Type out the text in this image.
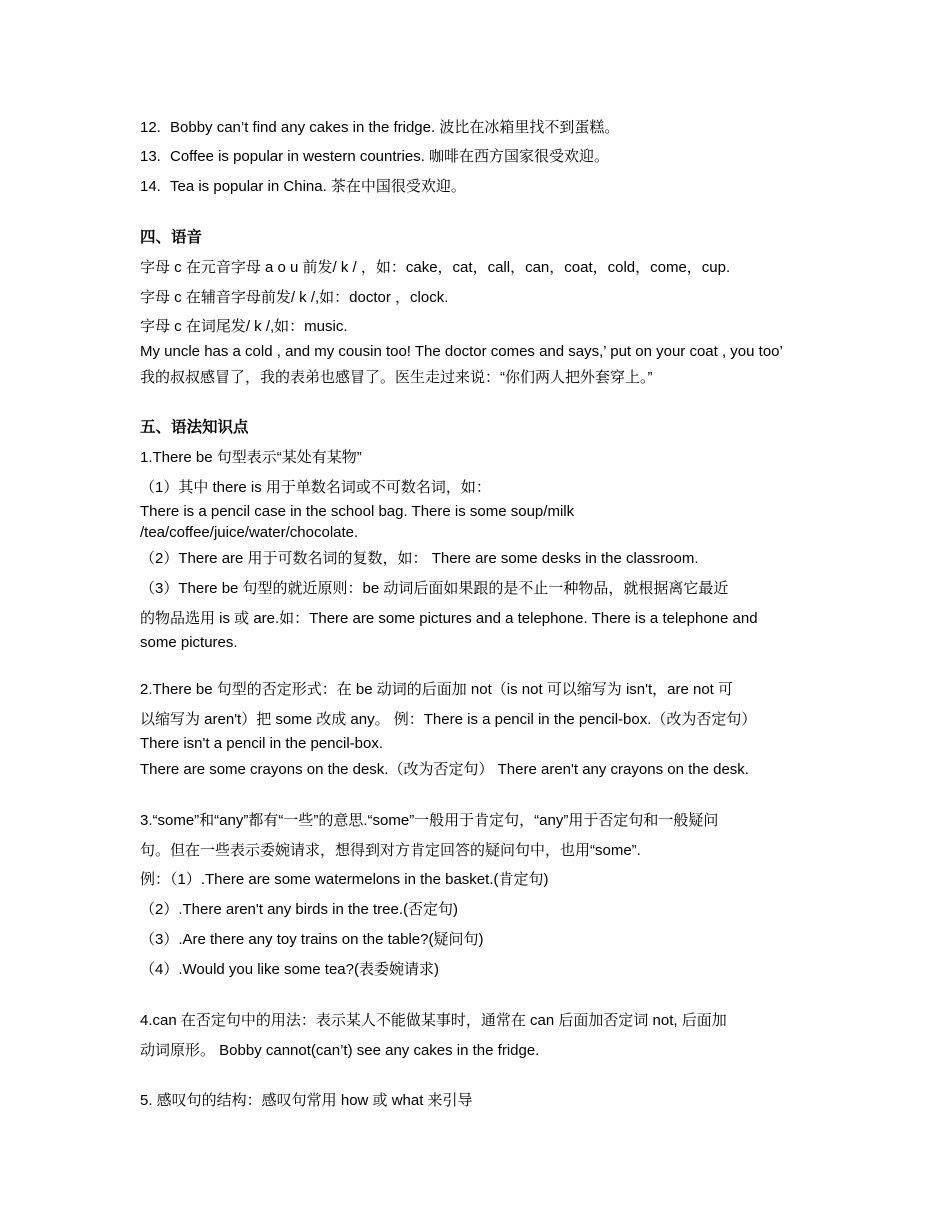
12. Bobby can’t find any cakes in the fridge. 波比在冰箱里找不到蛋糕。
13. Coffee is popular in western countries. 咖啡在西方国家很受欢迎。
14. Tea is popular in China. 茶在中国很受欢迎。
四、语音
字母 c 在元音字母 a o u 前发/ k / ，如：cake，cat，call，can，coat，cold，come，cup.
字母 c 在辅音字母前发/ k /,如：doctor ，clock.
字母 c 在词尾发/ k /,如：music.
My uncle has a cold , and my cousin too! The doctor comes and says,’ put on your coat , you too’
我的叔叔感冒了，我的表弟也感冒了。医生走过来说：“你们两人把外套穿上。”
五、语法知识点
1.There be 句型表示“某处有某物”
（1）其中 there is 用于单数名词或不可数名词，如：
There is a pencil case in the school bag. There is some soup/milk
/tea/coffee/juice/water/chocolate.
（2）There are 用于可数名词的复数，如： There are some desks in the classroom.
（3）There be 句型的就近原则：be 动词后面如果跟的是不止一种物品，就根据离它最近
的物品选用 is 或 are.如：There are some pictures and a telephone. There is a telephone and
some pictures.
2.There be 句型的否定形式：在 be 动词的后面加 not（is not 可以缩写为 isn't，are not 可
以缩写为 aren't）把 some 改成 any。 例：There is a pencil in the pencil-box.（改为否定句）
There isn't a pencil in the pencil-box.
There are some crayons on the desk.（改为否定句） There aren't any crayons on the desk.
3.“some”和“any”都有“一些”的意思.“some”一般用于肯定句，“any”用于否定句和一般疑问
句。但在一些表示委婉请求，想得到对方肯定回答的疑问句中，也用“some”.
例：（1）.There are some watermelons in the basket.(肯定句)
（2）.There aren't any birds in the tree.(否定句)
（3）.Are there any toy trains on the table?(疑问句)
（4）.Would you like some tea?(表委婉请求)
4.can 在否定句中的用法：表示某人不能做某事时，通常在 can 后面加否定词 not, 后面加
动词原形。 Bobby cannot(can’t) see any cakes in the fridge.
5. 感叹句的结构：感叹句常用 how 或 what 来引导
